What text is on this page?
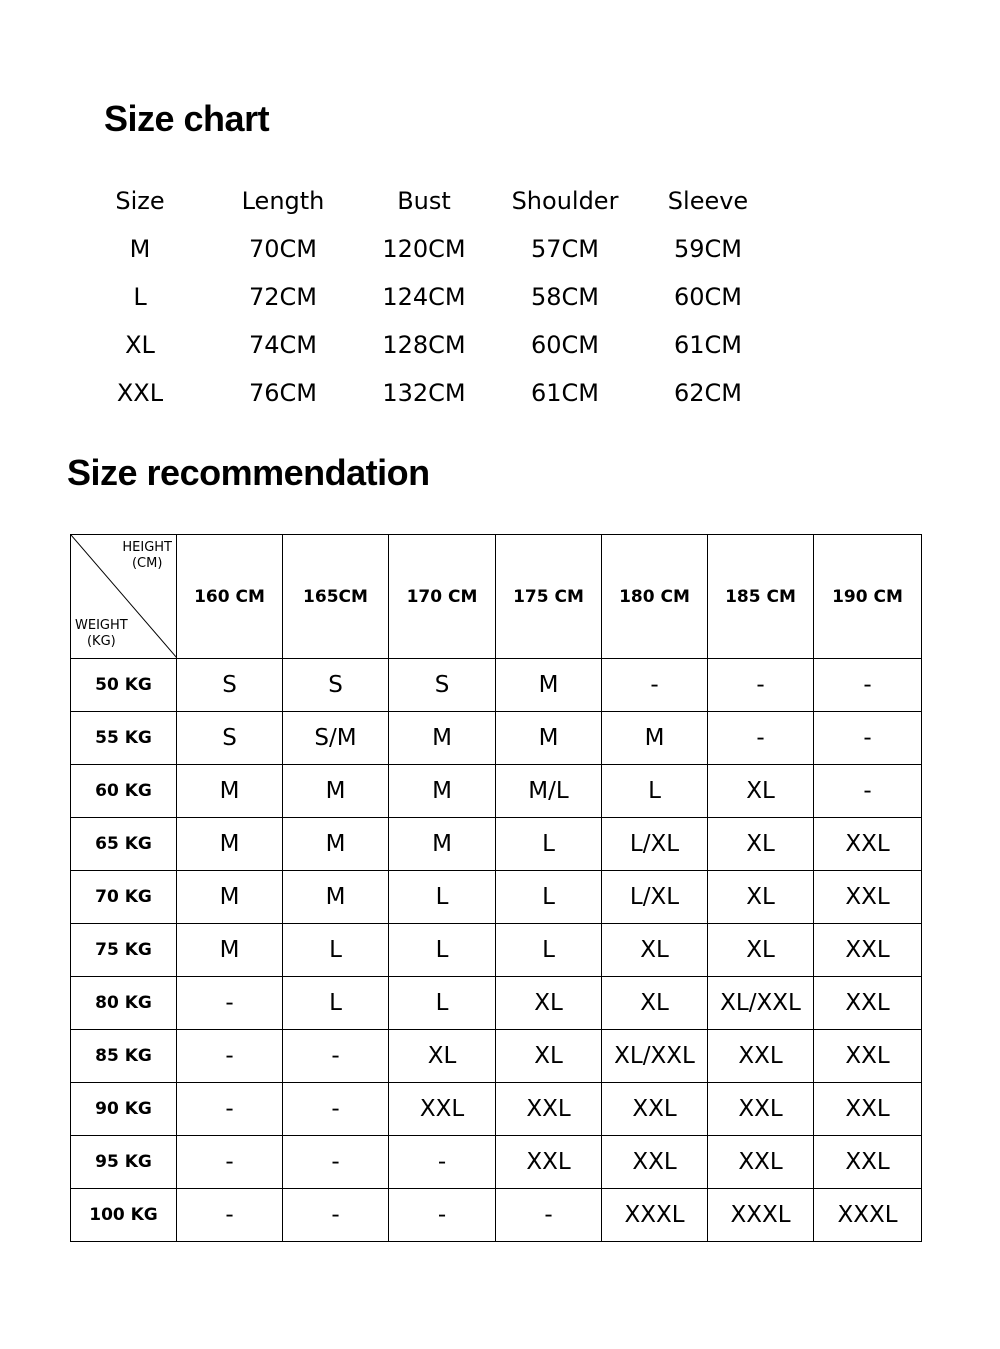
Size chart
Size	Length	Bust	Shoulder	Sleeve
M	70CM	120CM	57CM	59CM
L	72CM	124CM	58CM	60CM
XL	74CM	128CM	60CM	61CM
XXL	76CM	132CM	61CM	62CM
Size recommendation
HEIGHT
(CM)
WEIGHT
(KG)	160 CM	165CM	170 CM	175 CM	180 CM	185 CM	190 CM
50 KG	S	S	S	M	-	-	-
55 KG	S	S/M	M	M	M	-	-
60 KG	M	M	M	M/L	L	XL	-
65 KG	M	M	M	L	L/XL	XL	XXL
70 KG	M	M	L	L	L/XL	XL	XXL
75 KG	M	L	L	L	XL	XL	XXL
80 KG	-	L	L	XL	XL	XL/XXL	XXL
85 KG	-	-	XL	XL	XL/XXL	XXL	XXL
90 KG	-	-	XXL	XXL	XXL	XXL	XXL
95 KG	-	-	-	XXL	XXL	XXL	XXL
100 KG	-	-	-	-	XXXL	XXXL	XXXL
